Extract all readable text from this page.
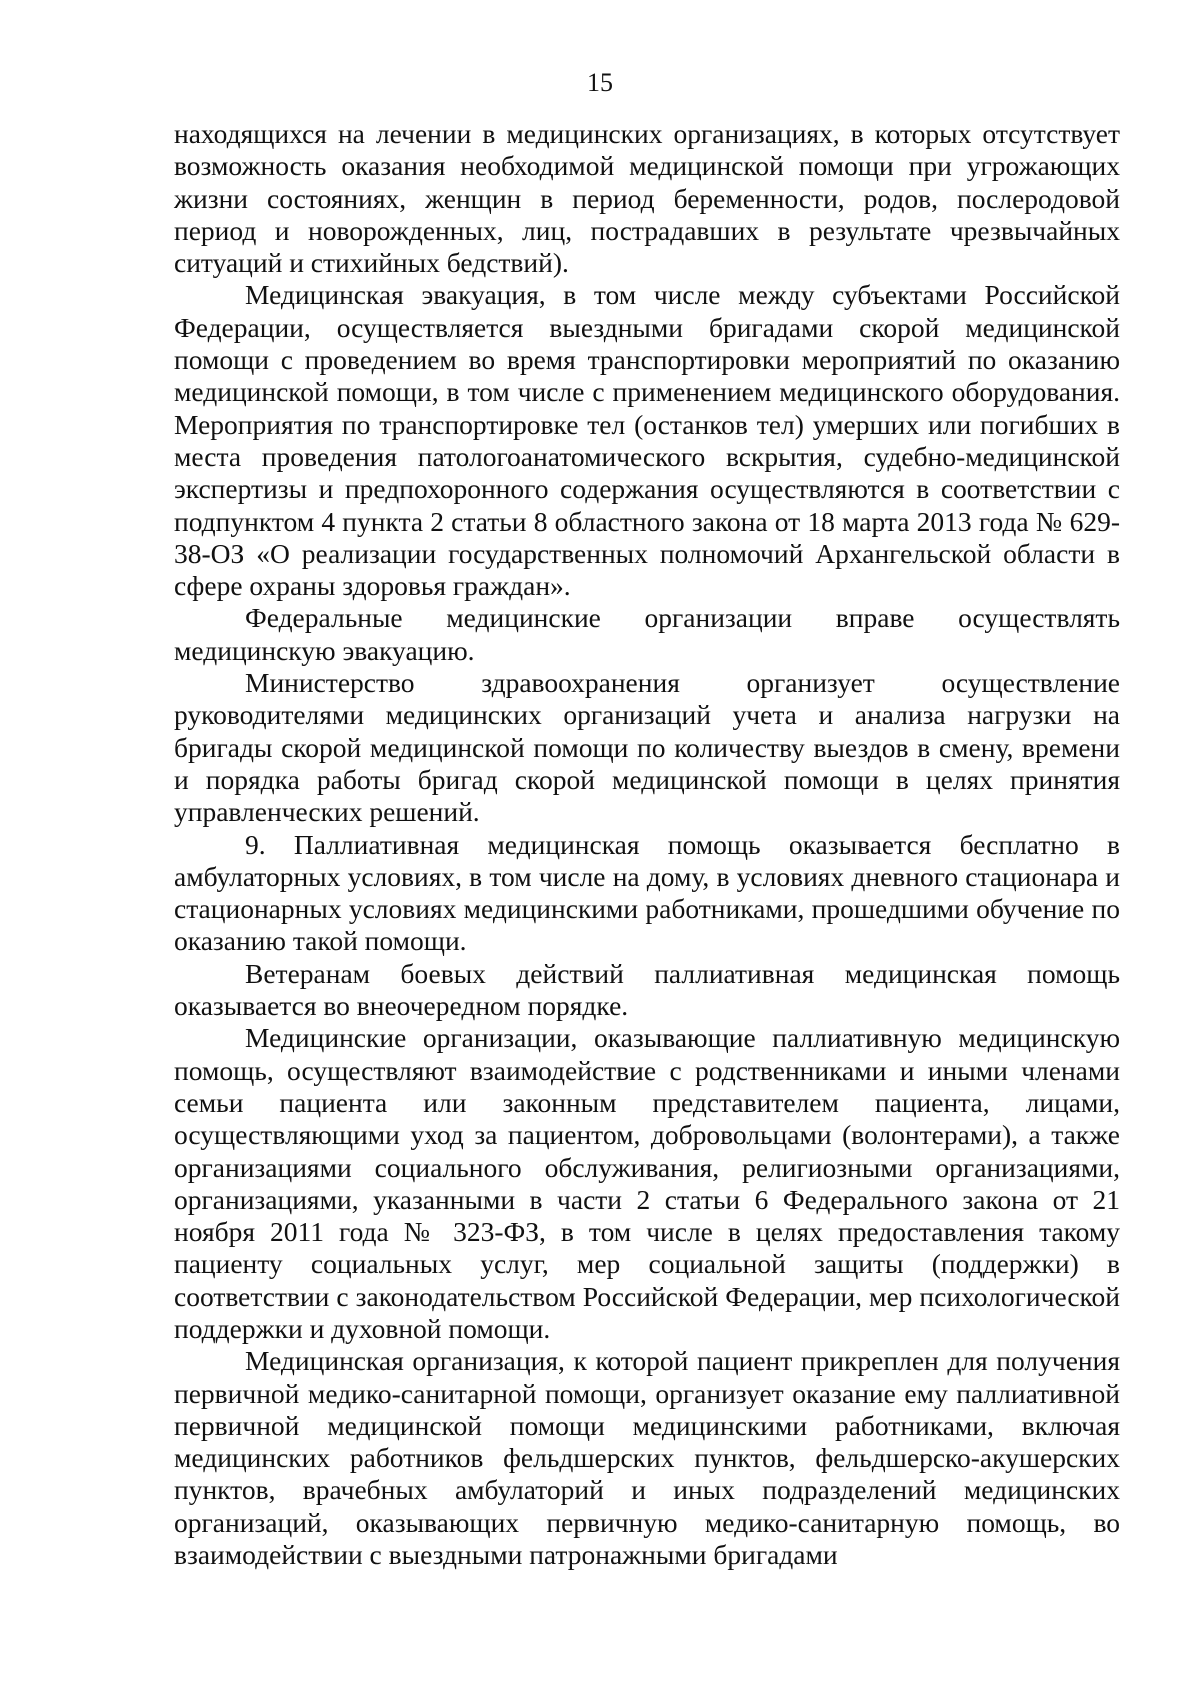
15

находящихся на лечении в медицинских организациях, в которых отсутствует возможность оказания необходимой медицинской помощи при угрожающих жизни состояниях, женщин в период беременности, родов, послеродовой период и новорожденных, лиц, пострадавших в результате чрезвычайных ситуаций и стихийных бедствий).

Медицинская эвакуация, в том числе между субъектами Российской Федерации, осуществляется выездными бригадами скорой медицинской помощи с проведением во время транспортировки мероприятий по оказанию медицинской помощи, в том числе с применением медицинского оборудования. Мероприятия по транспортировке тел (останков тел) умерших или погибших в места проведения патологоанатомического вскрытия, судебно-медицинской экспертизы и предпохоронного содержания осуществляются в соответствии с подпунктом 4 пункта 2 статьи 8 областного закона от 18 марта 2013 года № 629-38-ОЗ «О реализации государственных полномочий Архангельской области в сфере охраны здоровья граждан».

Федеральные медицинские организации вправе осуществлять медицинскую эвакуацию.

Министерство здравоохранения организует осуществление руководителями медицинских организаций учета и анализа нагрузки на бригады скорой медицинской помощи по количеству выездов в смену, времени и порядка работы бригад скорой медицинской помощи в целях принятия управленческих решений.

9. Паллиативная медицинская помощь оказывается бесплатно в амбулаторных условиях, в том числе на дому, в условиях дневного стационара и стационарных условиях медицинскими работниками, прошедшими обучение по оказанию такой помощи.

Ветеранам боевых действий паллиативная медицинская помощь оказывается во внеочередном порядке.

Медицинские организации, оказывающие паллиативную медицинскую помощь, осуществляют взаимодействие с родственниками и иными членами семьи пациента или законным представителем пациента, лицами, осуществляющими уход за пациентом, добровольцами (волонтерами), а также организациями социального обслуживания, религиозными организациями, организациями, указанными в части 2 статьи 6 Федерального закона от 21 ноября 2011 года № 323-ФЗ, в том числе в целях предоставления такому пациенту социальных услуг, мер социальной защиты (поддержки) в соответствии с законодательством Российской Федерации, мер психологической поддержки и духовной помощи.

Медицинская организация, к которой пациент прикреплен для получения первичной медико-санитарной помощи, организует оказание ему паллиативной первичной медицинской помощи медицинскими работниками, включая медицинских работников фельдшерских пунктов, фельдшерско-акушерских пунктов, врачебных амбулаторий и иных подразделений медицинских организаций, оказывающих первичную медико-санитарную помощь, во взаимодействии с выездными патронажными бригадами
